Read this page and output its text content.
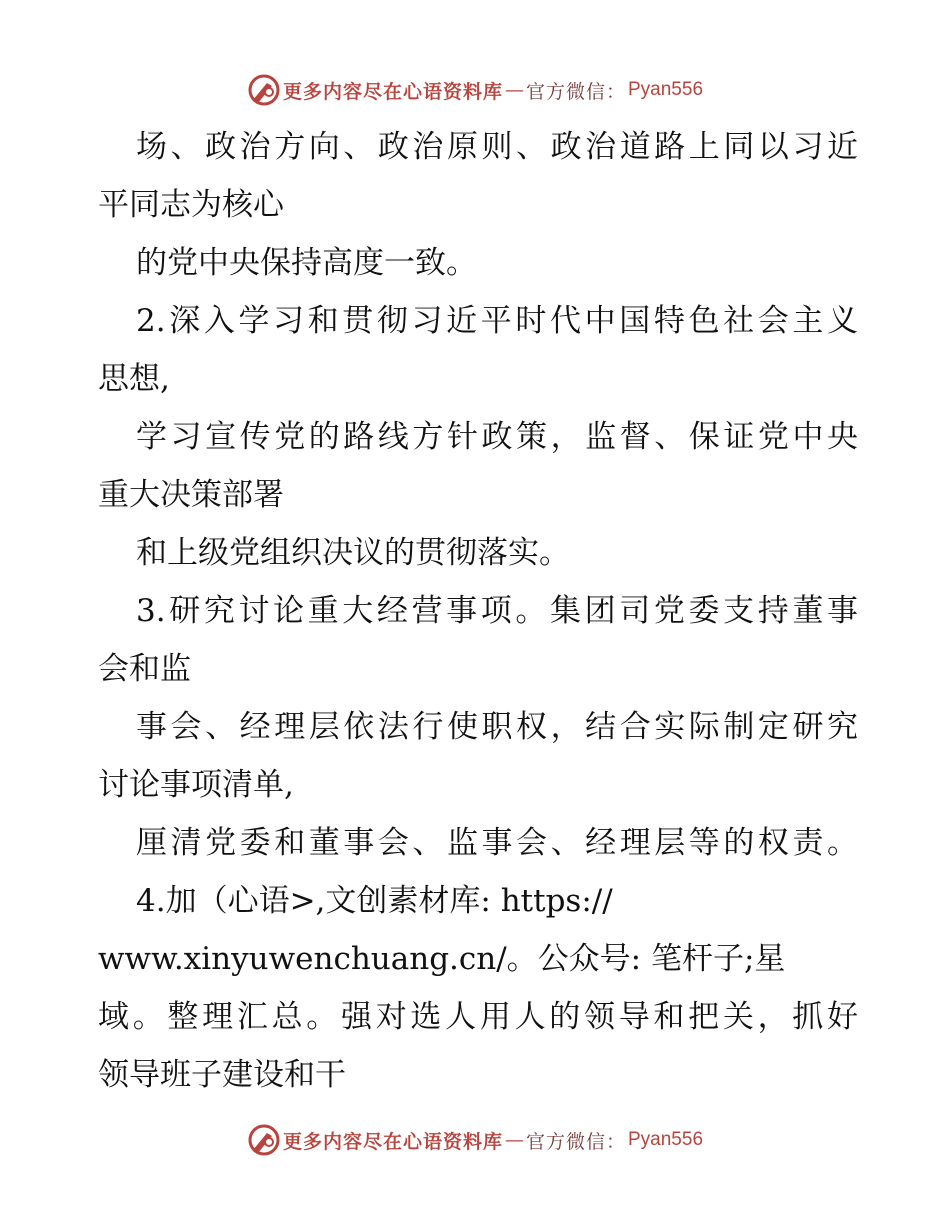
更多内容尽在心语资料库 — 官方微信： Pyan556
场、政治方向、政治原则、政治道路上同以习近
平同志为核心
的党中央保持高度一致。
2.深入学习和贯彻习近平时代中国特色社会主义
思想,
学习宣传党的路线方针政策，监督、保证党中央
重大决策部署
和上级党组织决议的贯彻落实。
3.研究讨论重大经营事项。集团司党委支持董事
会和监
事会、经理层依法行使职权，结合实际制定研究
讨论事项清单,
厘清党委和董事会、监事会、经理层等的权责。
4.加（心语>,文创素材库: https://
www.xinyuwenchuang.cn/。公众号: 笔杆子;星
域。整理汇总。强对选人用人的领导和把关，抓好
领导班子建设和干
更多内容尽在心语资料库 — 官方微信： Pyan556
